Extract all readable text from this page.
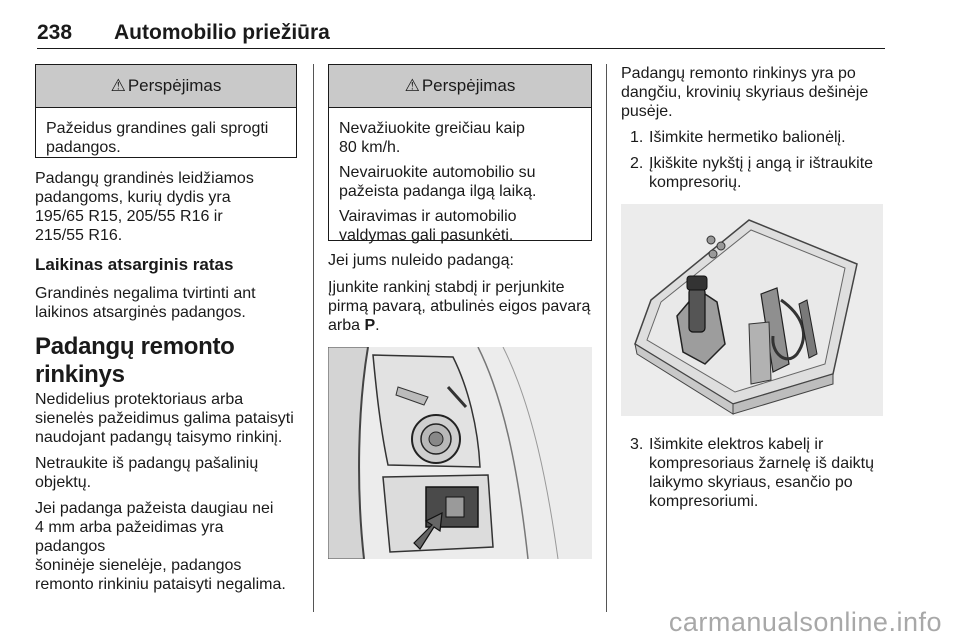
238 Automobilio priežiūra
⚠ Perspėjimas
Pažeidus grandines gali sprogti padangos.

Padangų grandinės leidžiamos
padangoms, kurių dydis yra
195/65 R15, 205/55 R16 ir
215/55 R16.

Laikinas atsarginis ratas

Grandinės negalima tvirtinti ant
laikinos atsarginės padangos.

Padangų remonto rinkinys

Nedidelius protektoriaus arba
sienelės pažeidimus galima pataisyti
naudojant padangų taisymo rinkinį.

Netraukite iš padangų pašalinių
objektų.

Jei padanga pažeista daugiau nei
4 mm arba pažeidimas yra padangos
šoninėje sienelėje, padangos
remonto rinkiniu pataisyti negalima.

⚠ Perspėjimas

Nevažiuokite greičiau kaip
80 km/h.

Nevairuokite automobilio su
pažeista padanga ilgą laiką.

Vairavimas ir automobilio
valdymas gali pasunkėti.

Jei jums nuleido padangą:

Įjunkite rankinį stabdį ir perjunkite
pirmą pavarą, atbulinės eigos pavarą
arba P.

Padangų remonto rinkinys yra po
dangčiu, krovinių skyriaus dešinėje
pusėje.

1. Išimkite hermetiko balionėlį.
2. Įkiškite nykštį į angą ir ištraukite
kompresorių.
3. Išimkite elektros kabelį ir
kompresoriaus žarnelę iš daiktų
laikymo skyriaus, esančio po
kompresoriumi.
carmanualsonline.info
